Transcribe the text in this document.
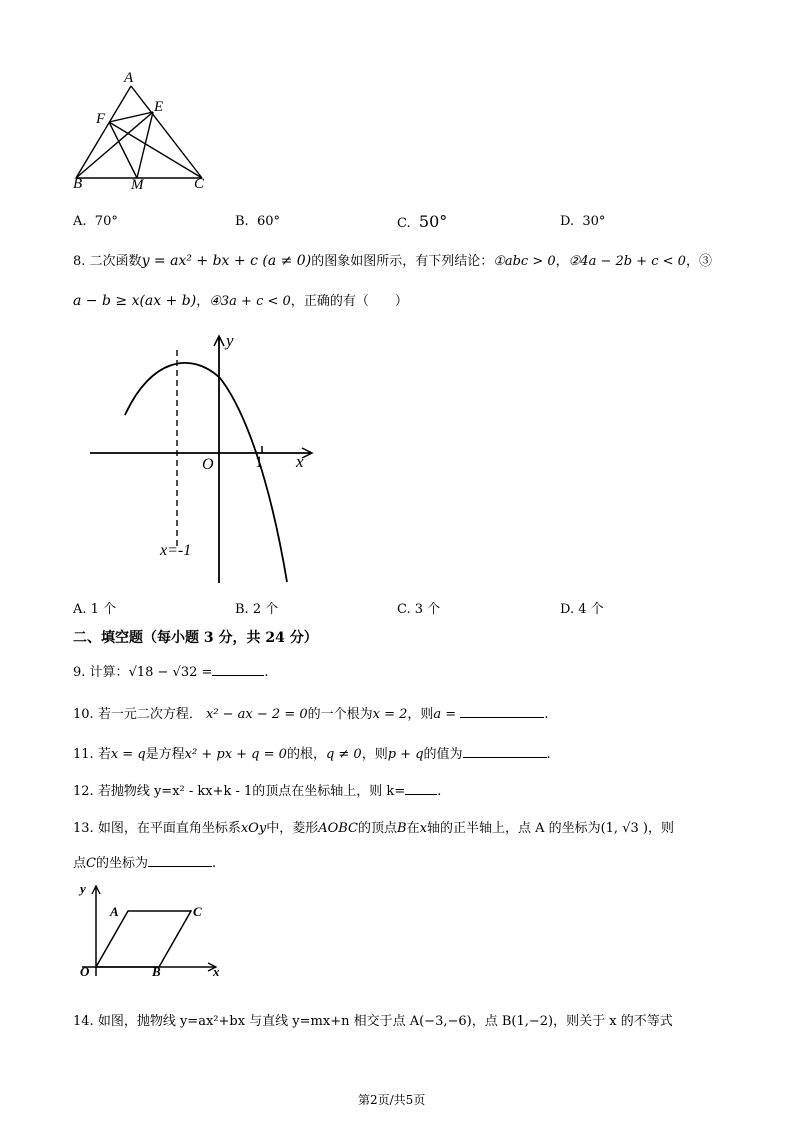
A
E
F
B	M	C
A. 70°	B. 60°	C. 50°	D. 30°
8. 二次函数y = ax² + bx + c (a ≠ 0)的图象如图所示，有下列结论：①abc > 0，②4a − 2b + c < 0，③
a − b ≥ x(ax + b)，④3a + c < 0，正确的有（　　）
y
x
O	1
x=-1
A. 1 个	B. 2 个	C. 3 个	D. 4 个
二、填空题（每小题 3 分，共 24 分）
9. 计算：√18 − √32 =	.
10. 若一元二次方程． x² − ax − 2 = 0的一个根为x = 2，则a =	.
11. 若x = q是方程x² + px + q = 0的根，q ≠ 0，则p + q的值为	.
12. 若抛物线 y=x² - kx+k - 1的顶点在坐标轴上，则 k= .
13. 如图，在平面直角坐标系xOy中，菱形AOBC的顶点B在x轴的正半轴上，点 A 的坐标为(1, √3 )，则
点C的坐标为	.
y
x
O
A
B
C
14. 如图，抛物线 y=ax²+bx 与直线 y=mx+n 相交于点 A(−3,−6)，点 B(1,−2)，则关于 x 的不等式
第2页/共5页
